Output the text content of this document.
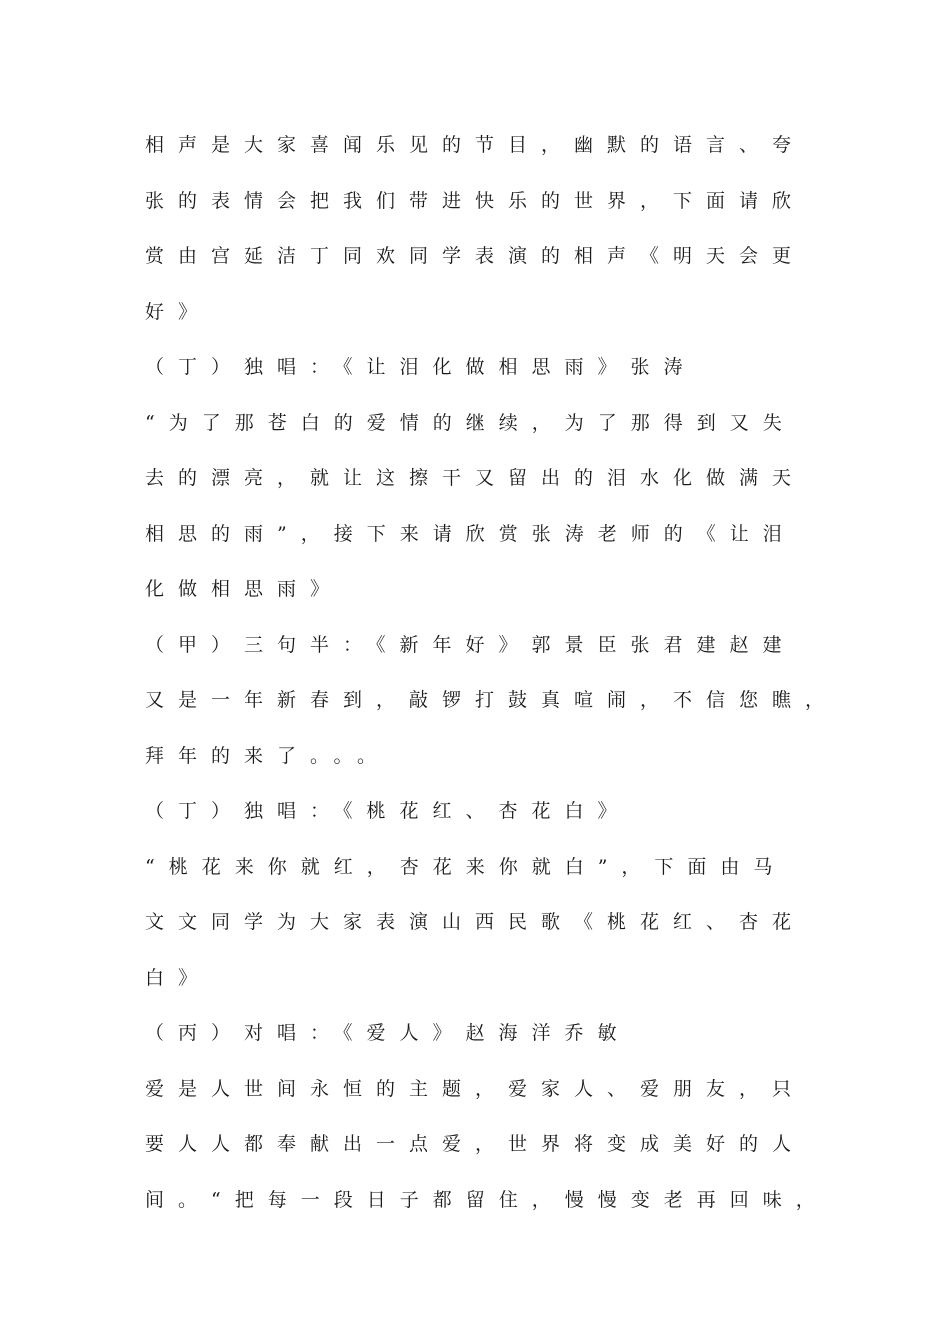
相声是大家喜闻乐见的节目，幽默的语言、夸
张的表情会把我们带进快乐的世界，下面请欣
赏由宫延洁丁同欢同学表演的相声《明天会更
好》
（丁）独唱：《让泪化做相思雨》张涛
“为了那苍白的爱情的继续，为了那得到又失
去的漂亮，就让这擦干又留出的泪水化做满天
相思的雨”，接下来请欣赏张涛老师的《让泪
化做相思雨》
（甲）三句半：《新年好》郭景臣张君建赵建
又是一年新春到，敲锣打鼓真喧闹，不信您瞧，
拜年的来了。。。
（丁）独唱：《桃花红、杏花白》
“桃花来你就红，杏花来你就白”，下面由马
文文同学为大家表演山西民歌《桃花红、杏花
白》
（丙）对唱：《爱人》赵海洋乔敏
爱是人世间永恒的主题，爱家人、爱朋友，只
要人人都奉献出一点爱，世界将变成美好的人
间。“把每一段日子都留住，慢慢变老再回味，
